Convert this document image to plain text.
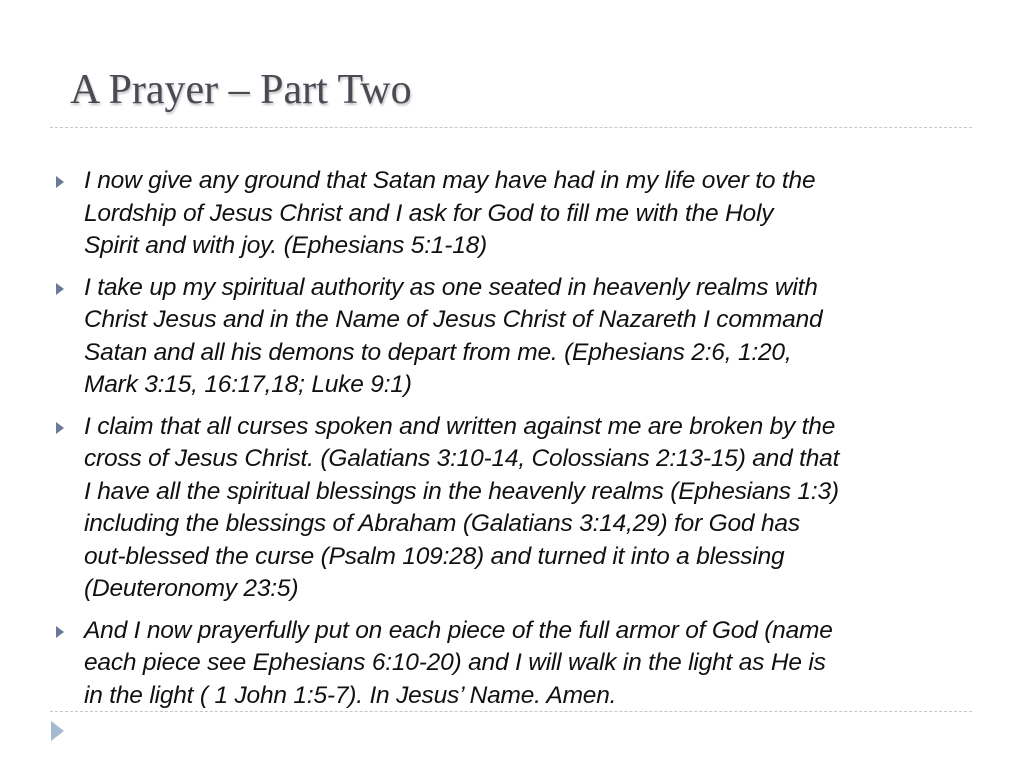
A Prayer – Part Two
I now give any ground that Satan may have had in my life over to the
Lordship of Jesus Christ and I ask for God to fill me with the Holy
Spirit and with joy. (Ephesians 5:1-18)
I take up my spiritual authority as one seated in heavenly realms with
Christ Jesus and in the Name of Jesus Christ of Nazareth I command
Satan and all his demons to depart from me. (Ephesians 2:6, 1:20,
Mark 3:15, 16:17,18; Luke 9:1)
I claim that all curses spoken and written against me are broken by the
cross of Jesus Christ. (Galatians 3:10-14, Colossians 2:13-15) and that
I have all the spiritual blessings in the heavenly realms (Ephesians 1:3)
including the blessings of Abraham (Galatians 3:14,29) for God has
out-blessed the curse (Psalm 109:28) and turned it into a blessing
(Deuteronomy 23:5)
And I now prayerfully put on each piece of the full armor of God (name
each piece see Ephesians 6:10-20) and I will walk in the light as He is
in the light ( 1 John 1:5-7). In Jesus’ Name. Amen.
